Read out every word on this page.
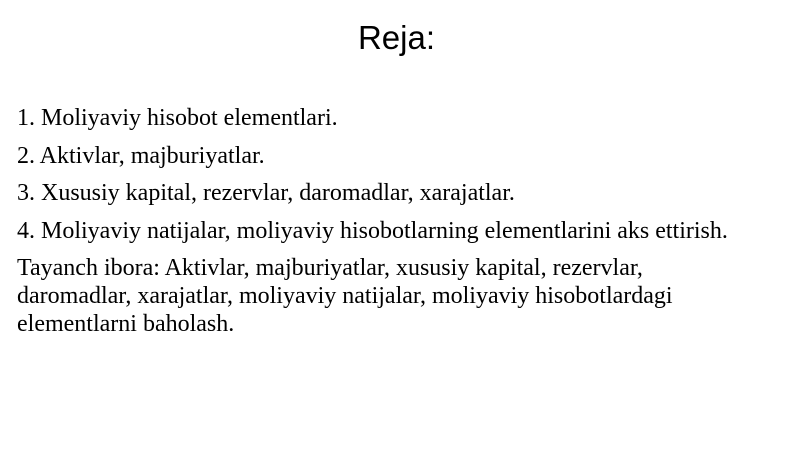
Reja:

1. Moliyaviy hisobot elementlari.

2. Aktivlar, majburiyatlar.

3. Xususiy kapital, rezervlar, daromadlar, xarajatlar.

4. Moliyaviy natijalar, moliyaviy hisobotlarning elementlarini aks ettirish.

Tayanch ibora: Aktivlar, majburiyatlar, xususiy kapital, rezervlar, daromadlar, xarajatlar, moliyaviy natijalar, moliyaviy hisobotlardagi elementlarni baholash.
